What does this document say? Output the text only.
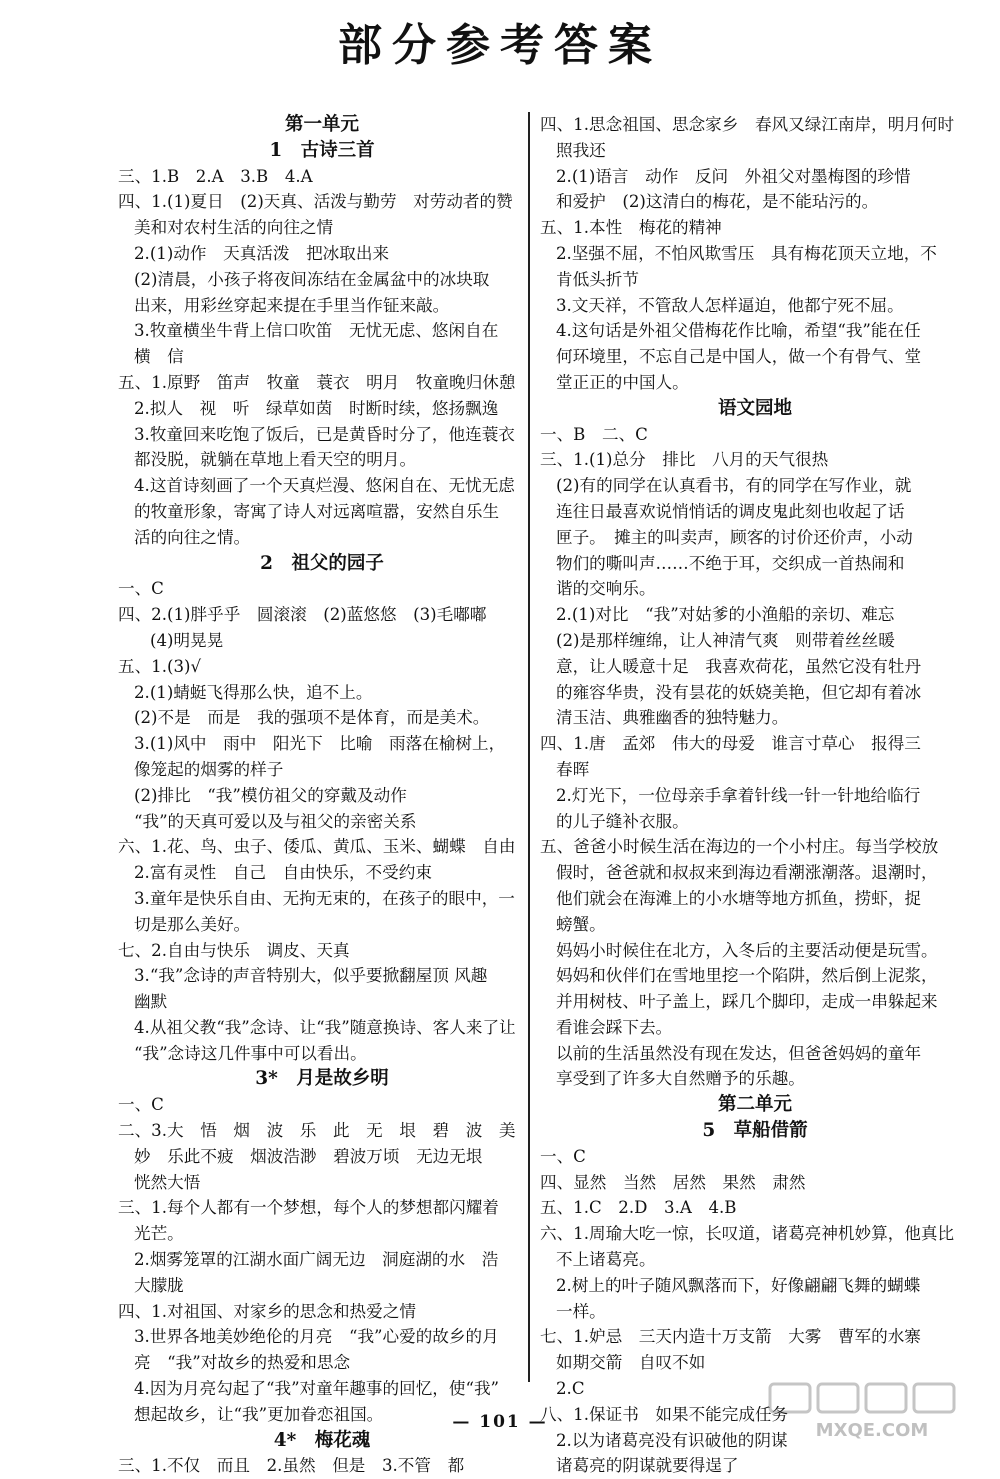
部分参考答案
第一单元
1　古诗三首
三、1.B　2.A　3.B　4.A
四、1.(1)夏日　(2)天真、活泼与勤劳　对劳动者的赞
美和对农村生活的向往之情
2.(1)动作　天真活泼　把冰取出来
(2)清晨，小孩子将夜间冻结在金属盆中的冰块取
出来，用彩丝穿起来提在手里当作钲来敲。
3.牧童横坐牛背上信口吹笛　无忧无虑、悠闲自在
横　信
五、1.原野　笛声　牧童　蓑衣　明月　牧童晚归休憩
2.拟人　视　听　绿草如茵　时断时续，悠扬飘逸
3.牧童回来吃饱了饭后，已是黄昏时分了，他连蓑衣
都没脱，就躺在草地上看天空的明月。
4.这首诗刻画了一个天真烂漫、悠闲自在、无忧无虑
的牧童形象，寄寓了诗人对远离喧嚣，安然自乐生
活的向往之情。
2　祖父的园子
一、C
四、2.(1)胖乎乎　圆滚滚　(2)蓝悠悠　(3)毛嘟嘟
(4)明晃晃
五、1.(3)√
2.(1)蜻蜓飞得那么快，追不上。
(2)不是　而是　我的强项不是体育，而是美术。
3.(1)风中　雨中　阳光下　比喻　雨落在榆树上，
像笼起的烟雾的样子
(2)排比　“我”模仿祖父的穿戴及动作
“我”的天真可爱以及与祖父的亲密关系
六、1.花、鸟、虫子、倭瓜、黄瓜、玉米、蝴蝶　自由
2.富有灵性　自己　自由快乐，不受约束
3.童年是快乐自由、无拘无束的，在孩子的眼中，一
切是那么美好。
七、2.自由与快乐　调皮、天真
3.“我”念诗的声音特别大，似乎要掀翻屋顶 风趣
幽默
4.从祖父教“我”念诗、让“我”随意换诗、客人来了让
“我”念诗这几件事中可以看出。
3*　月是故乡明
一、C
二、3.大　悟　烟　波　乐　此　无　垠　碧　波　美
妙　乐此不疲　烟波浩渺　碧波万顷　无边无垠
恍然大悟
三、1.每个人都有一个梦想，每个人的梦想都闪耀着
光芒。
2.烟雾笼罩的江湖水面广阔无边　洞庭湖的水　浩
大朦胧
四、1.对祖国、对家乡的思念和热爱之情
3.世界各地美妙绝伦的月亮　“我”心爱的故乡的月
亮　“我”对故乡的热爱和思念
4.因为月亮勾起了“我”对童年趣事的回忆，使“我”
想起故乡，让“我”更加眷恋祖国。
4*　梅花魂
三、1.不仅　而且　2.虽然　但是　3.不管　都
四、1.思念祖国、思念家乡　春风又绿江南岸，明月何时
照我还
2.(1)语言　动作　反问　外祖父对墨梅图的珍惜
和爱护　(2)这清白的梅花，是不能玷污的。
五、1.本性　梅花的精神
2.坚强不屈，不怕风欺雪压　具有梅花顶天立地，不
肯低头折节
3.文天祥，不管敌人怎样逼迫，他都宁死不屈。
4.这句话是外祖父借梅花作比喻，希望“我”能在任
何环境里，不忘自己是中国人，做一个有骨气、堂
堂正正的中国人。
语文园地
一、B　二、C
三、1.(1)总分　排比　八月的天气很热
(2)有的同学在认真看书，有的同学在写作业，就
连往日最喜欢说悄悄话的调皮鬼此刻也收起了话
匣子。　摊主的叫卖声，顾客的讨价还价声，小动
物们的嘶叫声……不绝于耳，交织成一首热闹和
谐的交响乐。
2.(1)对比　“我”对姑爹的小渔船的亲切、难忘
(2)是那样缠绵，让人神清气爽　则带着丝丝暖
意，让人暖意十足　我喜欢荷花，虽然它没有牡丹
的雍容华贵，没有昙花的妖娆美艳，但它却有着冰
清玉洁、典雅幽香的独特魅力。
四、1.唐　孟郊　伟大的母爱　谁言寸草心　报得三
春晖
2.灯光下，一位母亲手拿着针线一针一针地给临行
的儿子缝补衣服。
五、爸爸小时候生活在海边的一个小村庄。每当学校放
假时，爸爸就和叔叔来到海边看潮涨潮落。退潮时，
他们就会在海滩上的小水塘等地方抓鱼，捞虾，捉
螃蟹。
妈妈小时候住在北方，入冬后的主要活动便是玩雪。
妈妈和伙伴们在雪地里挖一个陷阱，然后倒上泥浆，
并用树枝、叶子盖上，踩几个脚印，走成一串躲起来
看谁会踩下去。
以前的生活虽然没有现在发达，但爸爸妈妈的童年
享受到了许多大自然赠予的乐趣。
第二单元
5　草船借箭
一、C
四、显然　当然　居然　果然　肃然
五、1.C　2.D　3.A　4.B
六、1.周瑜大吃一惊，长叹道，诸葛亮神机妙算，他真比
不上诸葛亮。
2.树上的叶子随风飘落而下，好像翩翩飞舞的蝴蝶
一样。
七、1.妒忌　三天内造十万支箭　大雾　曹军的水寨
如期交箭　自叹不如
2.C
八、1.保证书　如果不能完成任务
2.以为诸葛亮没有识破他的阴谋
诸葛亮的阴谋就要得逞了
— 101 —	MXQE.COM
